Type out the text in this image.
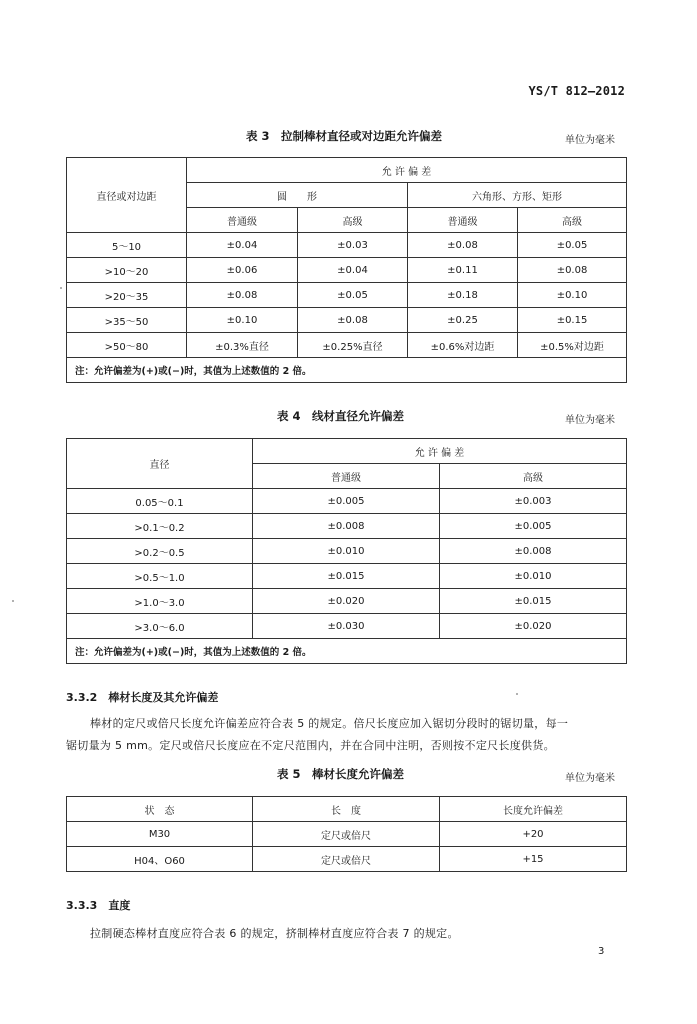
YS/T 812—2012
表 3　拉制棒材直径或对边距允许偏差	单位为毫米
直径或对边距	允 许 偏 差			
	圆　　形		六角形、方形、矩形	
	普通级	高级	普通级	高级
5～10	±0.04	±0.03	±0.08	±0.05
>10～20	±0.06	±0.04	±0.11	±0.08
>20～35	±0.08	±0.05	±0.18	±0.10
>35～50	±0.10	±0.08	±0.25	±0.15
>50～80	±0.3%直径	±0.25%直径	±0.6%对边距	±0.5%对边距
注：允许偏差为(+)或(−)时，其值为上述数值的 2 倍。				
表 4　线材直径允许偏差	单位为毫米
直径	允 许 偏 差	
	普通级	高级
0.05～0.1	±0.005	±0.003
>0.1～0.2	±0.008	±0.005
>0.2～0.5	±0.010	±0.008
>0.5～1.0	±0.015	±0.010
>1.0～3.0	±0.020	±0.015
>3.0～6.0	±0.030	±0.020
注：允许偏差为(+)或(−)时，其值为上述数值的 2 倍。		
3.3.2　棒材长度及其允许偏差
棒材的定尺或倍尺长度允许偏差应符合表 5 的规定。倍尺长度应加入锯切分段时的锯切量，每一
锯切量为 5 mm。定尺或倍尺长度应在不定尺范围内，并在合同中注明，否则按不定尺长度供货。
表 5　棒材长度允许偏差	单位为毫米
状　态	长　度	长度允许偏差
M30	定尺或倍尺	+20
H04、O60	定尺或倍尺	+15
3.3.3　直度
拉制硬态棒材直度应符合表 6 的规定，挤制棒材直度应符合表 7 的规定。
3
